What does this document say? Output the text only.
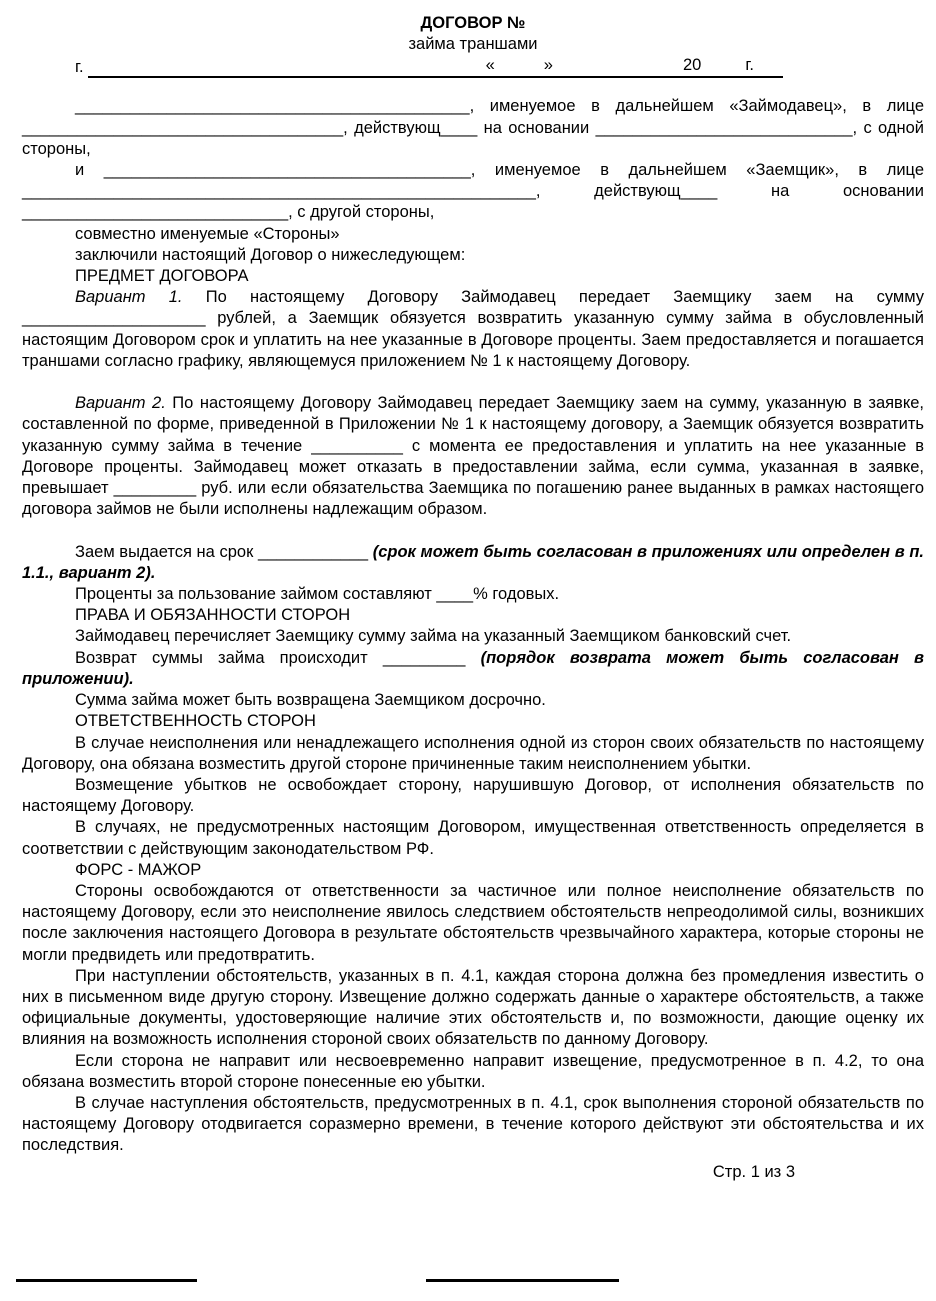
ДОГОВОР №
займа траншами
г.	«	»	20	г.

___________________________________________, именуемое в дальнейшем «Займодавец», в лице ___________________________________, действующ____ на основании ____________________________, с одной стороны,

и ________________________________________, именуемое в дальнейшем «Заемщик», в лице ________________________________________________________, действующ____ на основании _____________________________, с другой стороны,

совместно именуемые «Стороны»

заключили настоящий Договор о нижеследующем:

ПРЕДМЕТ ДОГОВОРА

Вариант 1. По настоящему Договору Займодавец передает Заемщику заем на сумму ____________________ рублей, а Заемщик обязуется возвратить указанную сумму займа в обусловленный настоящим Договором срок и уплатить на нее указанные в Договоре проценты. Заем предоставляется и погашается траншами согласно графику, являющемуся приложением № 1 к настоящему Договору.

Вариант 2. По настоящему Договору Займодавец передает Заемщику заем на сумму, указанную в заявке, составленной по форме, приведенной в Приложении № 1 к настоящему договору, а Заемщик обязуется возвратить указанную сумму займа в течение __________ с момента ее предоставления и уплатить на нее указанные в Договоре проценты. Займодавец может отказать в предоставлении займа, если сумма, указанная в заявке, превышает _________ руб. или если обязательства Заемщика по погашению ранее выданных в рамках настоящего договора займов не были исполнены надлежащим образом.

Заем выдается на срок ____________ (срок может быть согласован в приложениях или определен в п. 1.1., вариант 2).

Проценты за пользование займом составляют ____% годовых.

ПРАВА И ОБЯЗАННОСТИ СТОРОН

Займодавец перечисляет Заемщику сумму займа на указанный Заемщиком банковский счет.

Возврат суммы займа происходит _________ (порядок возврата может быть согласован в приложении).

Сумма займа может быть возвращена Заемщиком досрочно.

ОТВЕТСТВЕННОСТЬ СТОРОН

В случае неисполнения или ненадлежащего исполнения одной из сторон своих обязательств по настоящему Договору, она обязана возместить другой стороне причиненные таким неисполнением убытки.

Возмещение убытков не освобождает сторону, нарушившую Договор, от исполнения обязательств по настоящему Договору.

В случаях, не предусмотренных настоящим Договором, имущественная ответственность определяется в соответствии с действующим законодательством РФ.

ФОРС - МАЖОР

Стороны освобождаются от ответственности за частичное или полное неисполнение обязательств по настоящему Договору, если это неисполнение явилось следствием обстоятельств непреодолимой силы, возникших после заключения настоящего Договора в результате обстоятельств чрезвычайного характера, которые стороны не могли предвидеть или предотвратить.

При наступлении обстоятельств, указанных в п. 4.1, каждая сторона должна без промедления известить о них в письменном виде другую сторону. Извещение должно содержать данные о характере обстоятельств, а также официальные документы, удостоверяющие наличие этих обстоятельств и, по возможности, дающие оценку их влияния на возможность исполнения стороной своих обязательств по данному Договору.

Если сторона не направит или несвоевременно направит извещение, предусмотренное в п. 4.2, то она обязана возместить второй стороне понесенные ею убытки.

В случае наступления обстоятельств, предусмотренных в п. 4.1, срок выполнения стороной обязательств по настоящему Договору отодвигается соразмерно времени, в течение которого действуют эти обстоятельства и их последствия.

Стр. 1 из 3
